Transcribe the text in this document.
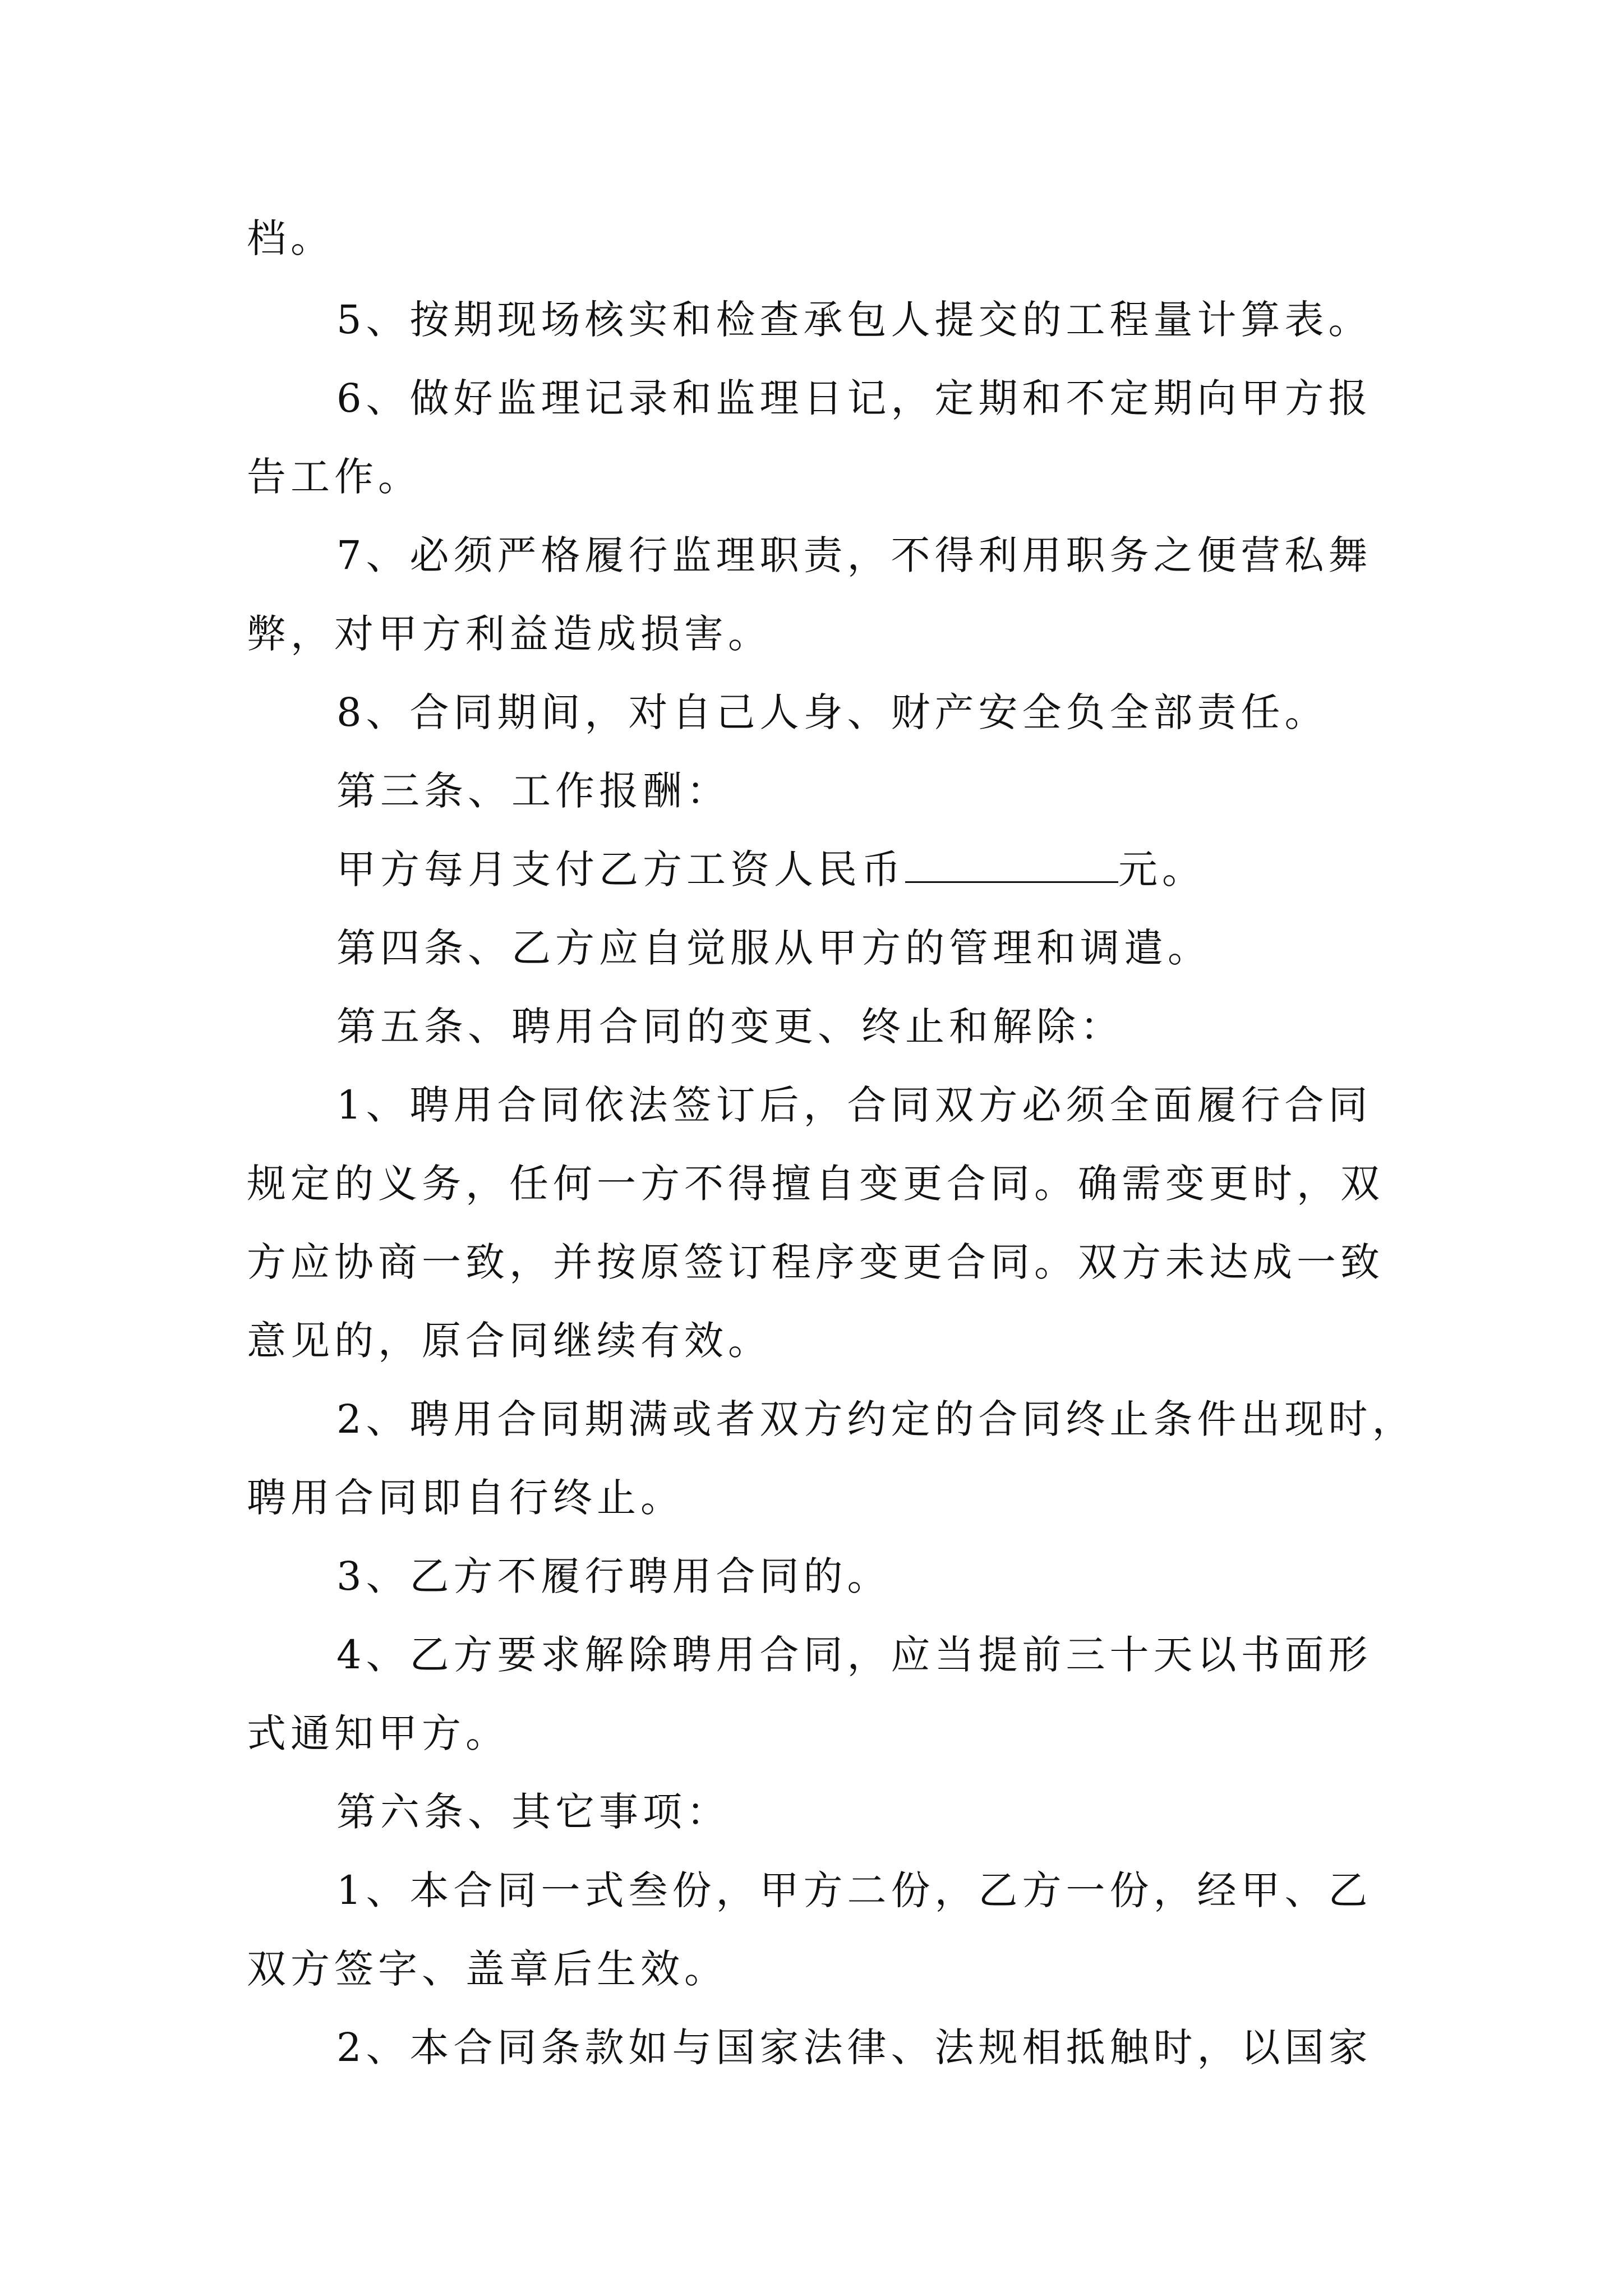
档。

5、按期现场核实和检查承包人提交的工程量计算表。

6、做好监理记录和监理日记，定期和不定期向甲方报

告工作。

7、必须严格履行监理职责，不得利用职务之便营私舞

弊，对甲方利益造成损害。

8、合同期间，对自己人身、财产安全负全部责任。

第三条、工作报酬：

甲方每月支付乙方工资人民币	元。

第四条、乙方应自觉服从甲方的管理和调遣。

第五条、聘用合同的变更、终止和解除：

1、聘用合同依法签订后，合同双方必须全面履行合同

规定的义务，任何一方不得擅自变更合同。确需变更时，双

方应协商一致，并按原签订程序变更合同。双方未达成一致

意见的，原合同继续有效。

2、聘用合同期满或者双方约定的合同终止条件出现时，

聘用合同即自行终止。

3、乙方不履行聘用合同的。

4、乙方要求解除聘用合同，应当提前三十天以书面形

式通知甲方。

第六条、其它事项：

1、本合同一式叁份，甲方二份，乙方一份，经甲、乙

双方签字、盖章后生效。

2、本合同条款如与国家法律、法规相抵触时，以国家
